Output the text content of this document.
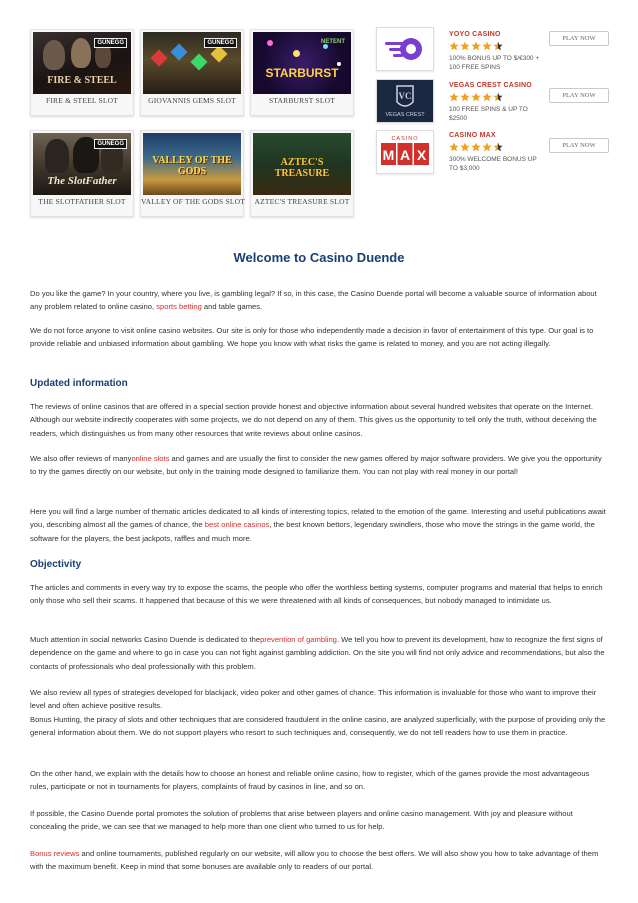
FIRE & STEEL
GUNEGG
FIRE & STEEL SLOT
GUNEGG
GIOVANNIS GEMS SLOT
STARBURST
NETENT
STARBURST SLOT
The SlotFather
GUNEGG
THE SLOTFATHER SLOT
VALLEY OF THE GODS
VALLEY OF THE GODS SLOT
AZTEC'S TREASURE
AZTEC'S TREASURE SLOT
YOYO CASINO
100% BONUS UP TO $/€300 + 100 FREE SPINS
PLAY NOW
VC
VEGAS CREST
VEGAS CREST CASINO
100 FREE SPINS & UP TO $2500
PLAY NOW
CASINO
M A X
CASINO MAX
300% WELCOME BONUS UP TO $3,000
PLAY NOW
Welcome to Casino Duende

Do you like the game? In your country, where you live, is gambling legal? If so, in this case, the Casino Duende portal will become a valuable source of information about any problem related to online casino, sports betting and table games.

We do not force anyone to visit online casino websites. Our site is only for those who independently made a decision in favor of entertainment of this type. Our goal is to provide reliable and unbiased information about gambling. We hope you know with what risks the game is related to money, and you are not acting illegally.

Updated information

The reviews of online casinos that are offered in a special section provide honest and objective information about several hundred websites that operate on the Internet. Although our website indirectly cooperates with some projects, we do not depend on any of them. This gives us the opportunity to tell only the truth, without deceiving the readers, which distinguishes us from many other resources that write reviews about online casinos.

We also offer reviews of manyonline slots and games and are usually the first to consider the new games offered by major software providers. We give you the opportunity to try the games directly on our website, but only in the training mode designed to familiarize them. You can not play with real money in our portal!

Here you will find a large number of thematic articles dedicated to all kinds of interesting topics, related to the emotion of the game. Interesting and useful publications await you, describing almost all the games of chance, the best online casinos, the best known bettors, legendary swindlers, those who move the strings in the game world, the software for the players, the best jackpots, raffles and much more.

Objectivity

The articles and comments in every way try to expose the scams, the people who offer the worthless betting systems, computer programs and material that helps to enrich only those who sell their scams. It happened that because of this we were threatened with all kinds of consequences, but nobody managed to intimidate us.

Much attention in social networks Casino Duende is dedicated to theprevention of gambling. We tell you how to prevent its development, how to recognize the first signs of dependence on the game and where to go in case you can not fight against gambling addiction. On the site you will find not only advice and recommendations, but also the contacts of professionals who deal professionally with this problem.

We also review all types of strategies developed for blackjack, video poker and other games of chance. This information is invaluable for those who want to improve their level and often achieve positive results.

Bonus Hunting, the piracy of slots and other techniques that are considered fraudulent in the online casino, are analyzed superficially, with the purpose of providing only the general information about them. We do not support players who resort to such techniques and, consequently, we do not tell readers how to use them in practice.

On the other hand, we explain with the details how to choose an honest and reliable online casino, how to register, which of the games provide the most advantageous rules, participate or not in tournaments for players, complaints of fraud by casinos in line, and so on.

If possible, the Casino Duende portal promotes the solution of problems that arise between players and online casino management. With joy and pleasure without concealing the pride, we can see that we managed to help more than one client who turned to us for help.

Bonus reviews and online tournaments, published regularly on our website, will allow you to choose the best offers. We will also show you how to take advantage of them with the maximum benefit. Keep in mind that some bonuses are available only to readers of our portal.
